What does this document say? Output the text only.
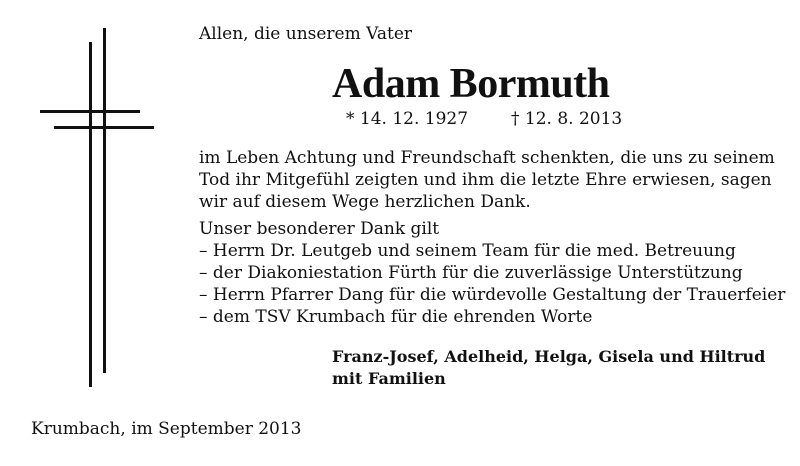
Allen, die unserem Vater

Adam Bormuth

* 14. 12. 1927	† 12. 8. 2013

im Leben Achtung und Freundschaft schenkten, die uns zu seinem
Tod ihr Mitgefühl zeigten und ihm die letzte Ehre erwiesen, sagen
wir auf diesem Wege herzlichen Dank.
Unser besonderer Dank gilt
– Herrn Dr. Leutgeb und seinem Team für die med. Betreuung
– der Diakoniestation Fürth für die zuverlässige Unterstützung
– Herrn Pfarrer Dang für die würdevolle Gestaltung der Trauerfeier
– dem TSV Krumbach für die ehrenden Worte
Franz-Josef, Adelheid, Helga, Gisela und Hiltrud
mit Familien

Krumbach, im September 2013
